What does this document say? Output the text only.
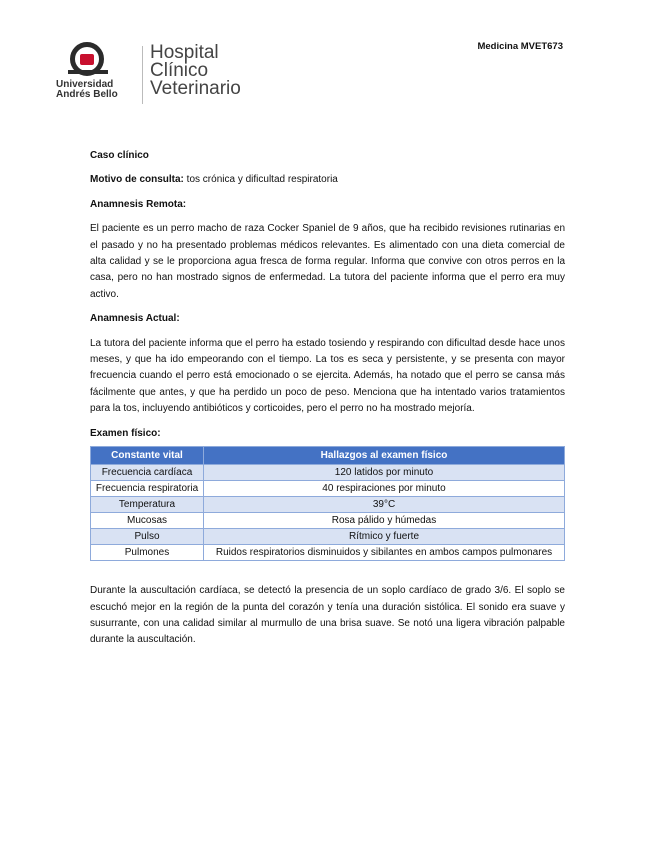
Medicina MVET673
Universidad
Andrés Bello
Hospital
Clínico
Veterinario

Caso clínico

Motivo de consulta: tos crónica y dificultad respiratoria

Anamnesis Remota:

El paciente es un perro macho de raza Cocker Spaniel de 9 años, que ha recibido revisiones rutinarias en el pasado y no ha presentado problemas médicos relevantes. Es alimentado con una dieta comercial de alta calidad y se le proporciona agua fresca de forma regular. Informa que convive con otros perros en la casa, pero no han mostrado signos de enfermedad. La tutora del paciente informa que el perro era muy activo.

Anamnesis Actual:

La tutora del paciente informa que el perro ha estado tosiendo y respirando con dificultad desde hace unos meses, y que ha ido empeorando con el tiempo. La tos es seca y persistente, y se presenta con mayor frecuencia cuando el perro está emocionado o se ejercita. Además, ha notado que el perro se cansa más fácilmente que antes, y que ha perdido un poco de peso. Menciona que ha intentado varios tratamientos para la tos, incluyendo antibióticos y corticoides, pero el perro no ha mostrado mejoría.

Examen físico:

Constante vital	Hallazgos al examen físico
Frecuencia cardíaca	120 latidos por minuto
Frecuencia respiratoria	40 respiraciones por minuto
Temperatura	39°C
Mucosas	Rosa pálido y húmedas
Pulso	Rítmico y fuerte
Pulmones	Ruidos respiratorios disminuidos y sibilantes en ambos campos pulmonares

Durante la auscultación cardíaca, se detectó la presencia de un soplo cardíaco de grado 3/6. El soplo se escuchó mejor en la región de la punta del corazón y tenía una duración sistólica. El sonido era suave y susurrante, con una calidad similar al murmullo de una brisa suave. Se notó una ligera vibración palpable durante la auscultación.
